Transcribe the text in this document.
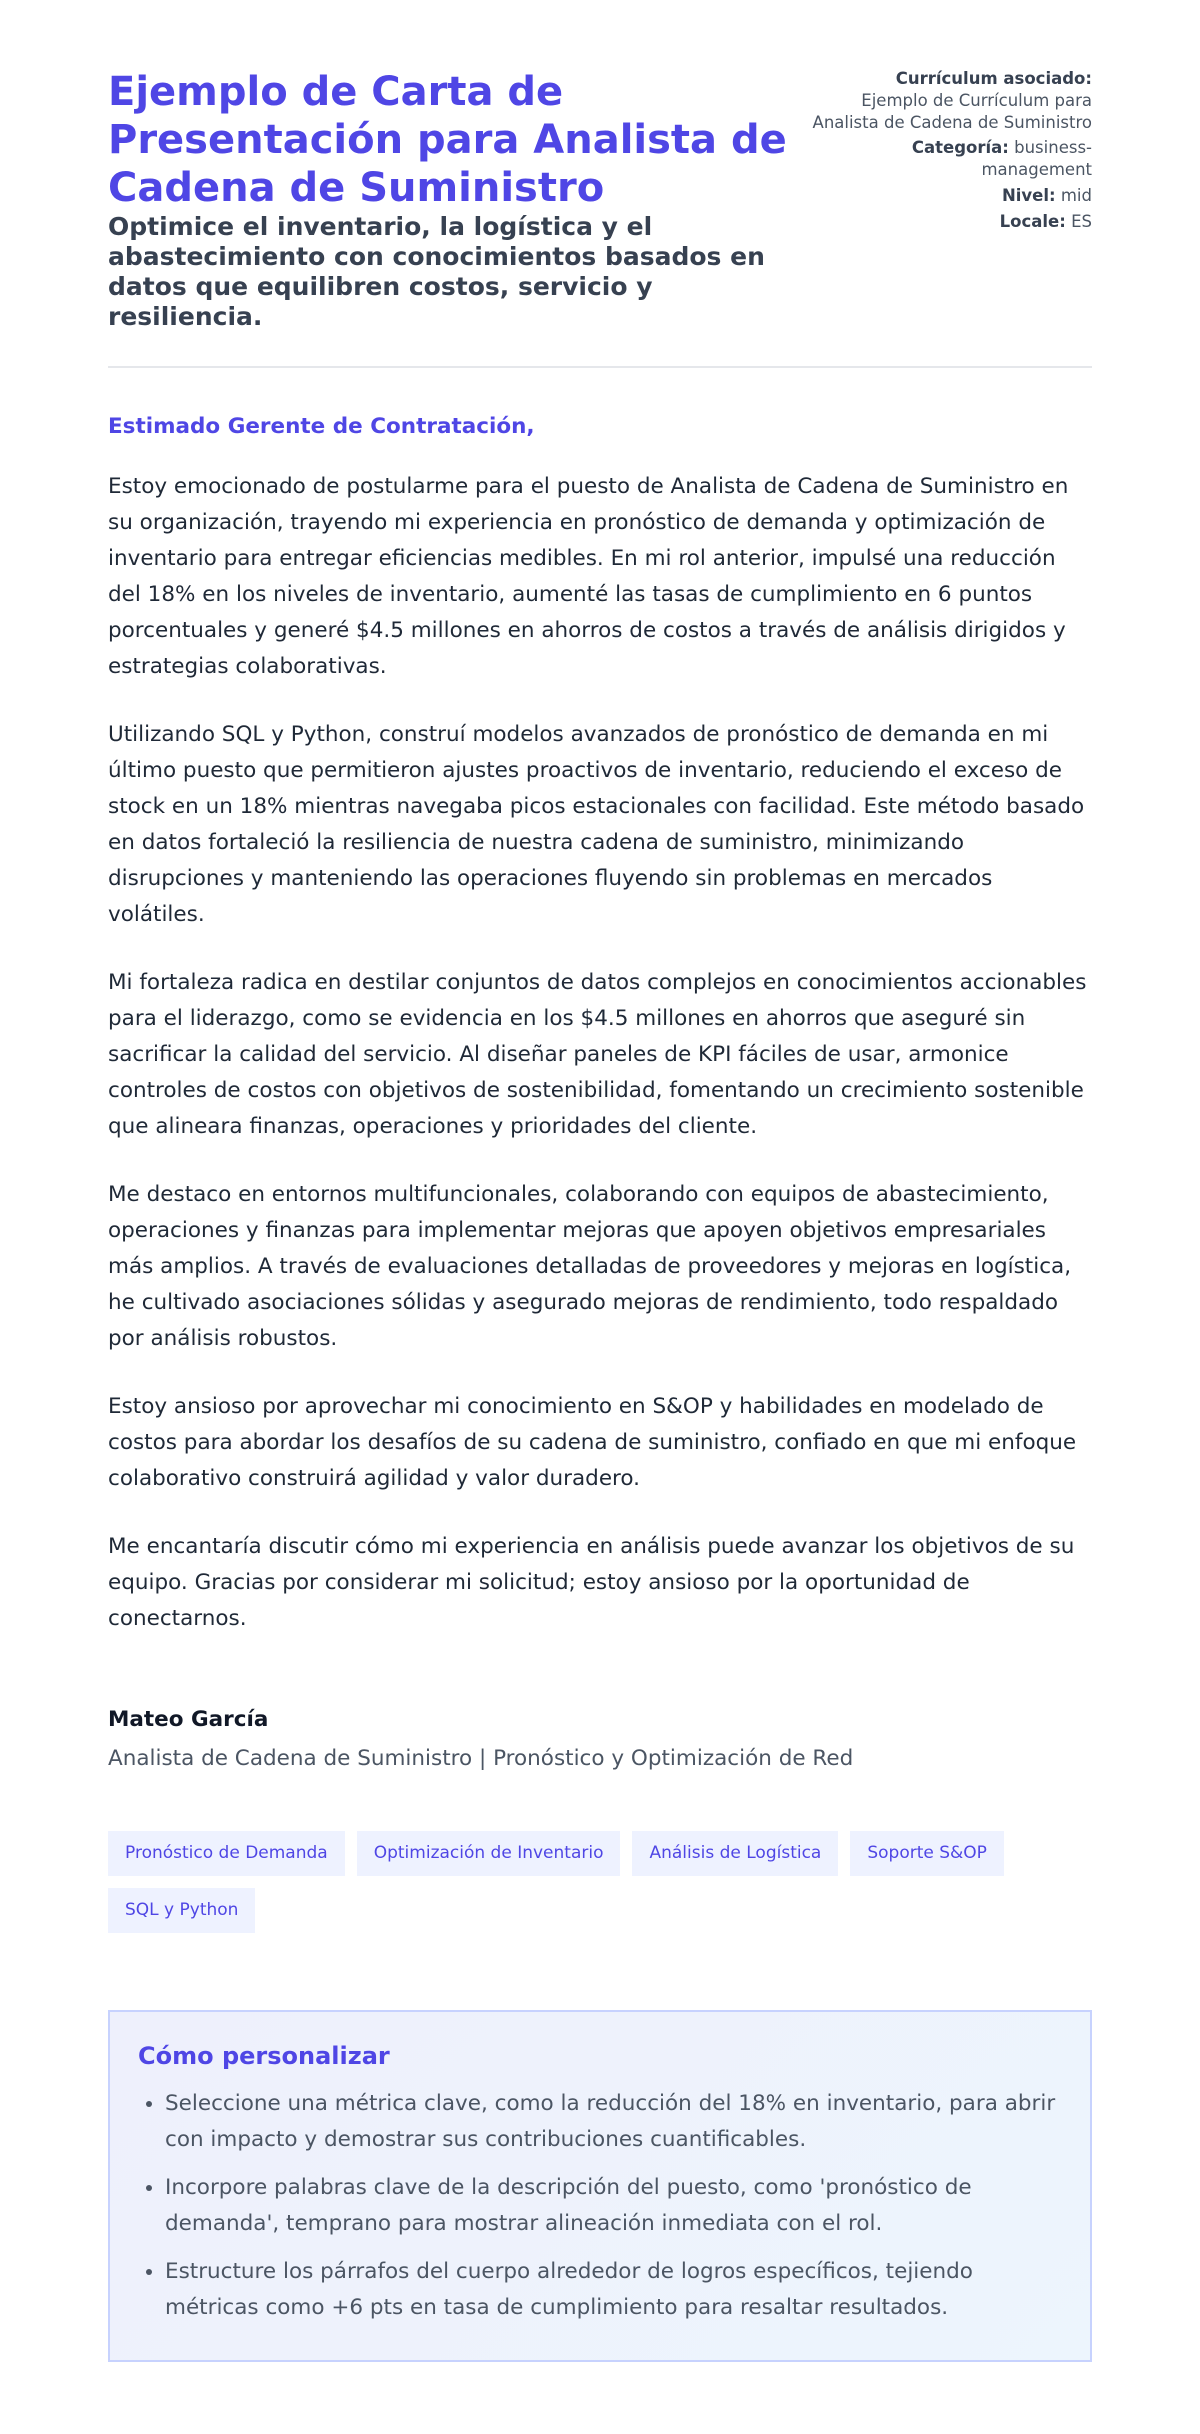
Ejemplo de Carta de Presentación para Analista de Cadena de Suministro
Optimice el inventario, la logística y el abastecimiento con conocimientos basados en datos que equilibren costos, servicio y resiliencia.
Currículum asociado:
Ejemplo de Currículum para Analista de Cadena de Suministro
Categoría: business-management
Nivel: mid
Locale: ES

Estimado Gerente de Contratación,

Estoy emocionado de postularme para el puesto de Analista de Cadena de Suministro en su organización, trayendo mi experiencia en pronóstico de demanda y optimización de inventario para entregar eficiencias medibles. En mi rol anterior, impulsé una reducción del 18% en los niveles de inventario, aumenté las tasas de cumplimiento en 6 puntos porcentuales y generé $4.5 millones en ahorros de costos a través de análisis dirigidos y estrategias colaborativas.

Utilizando SQL y Python, construí modelos avanzados de pronóstico de demanda en mi último puesto que permitieron ajustes proactivos de inventario, reduciendo el exceso de stock en un 18% mientras navegaba picos estacionales con facilidad. Este método basado en datos fortaleció la resiliencia de nuestra cadena de suministro, minimizando disrupciones y manteniendo las operaciones fluyendo sin problemas en mercados volátiles.

Mi fortaleza radica en destilar conjuntos de datos complejos en conocimientos accionables para el liderazgo, como se evidencia en los $4.5 millones en ahorros que aseguré sin sacrificar la calidad del servicio. Al diseñar paneles de KPI fáciles de usar, armonice controles de costos con objetivos de sostenibilidad, fomentando un crecimiento sostenible que alineara finanzas, operaciones y prioridades del cliente.

Me destaco en entornos multifuncionales, colaborando con equipos de abastecimiento, operaciones y finanzas para implementar mejoras que apoyen objetivos empresariales más amplios. A través de evaluaciones detalladas de proveedores y mejoras en logística, he cultivado asociaciones sólidas y asegurado mejoras de rendimiento, todo respaldado por análisis robustos.

Estoy ansioso por aprovechar mi conocimiento en S&OP y habilidades en modelado de costos para abordar los desafíos de su cadena de suministro, confiado en que mi enfoque colaborativo construirá agilidad y valor duradero.

Me encantaría discutir cómo mi experiencia en análisis puede avanzar los objetivos de su equipo. Gracias por considerar mi solicitud; estoy ansioso por la oportunidad de conectarnos.

Mateo García
Analista de Cadena de Suministro | Pronóstico y Optimización de Red
Pronóstico de Demanda	Optimización de Inventario	Análisis de Logística	Soporte S&OP
SQL y Python
Cómo personalizar
• Seleccione una métrica clave, como la reducción del 18% en inventario, para abrir con impacto y demostrar sus contribuciones cuantificables.
• Incorpore palabras clave de la descripción del puesto, como 'pronóstico de demanda', temprano para mostrar alineación inmediata con el rol.
• Estructure los párrafos del cuerpo alrededor de logros específicos, tejiendo métricas como +6 pts en tasa de cumplimiento para resaltar resultados.
